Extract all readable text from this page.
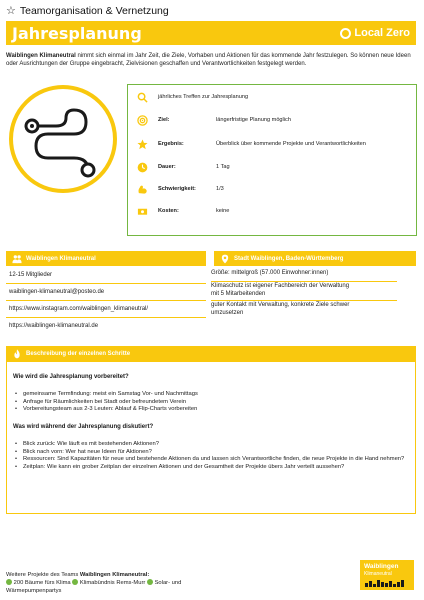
☆ Teamorganisation & Vernetzung
Jahresplanung	Local Zero

Waiblingen Klimaneutral nimmt sich einmal im Jahr Zeit, die Ziele, Vorhaben und Aktionen für das kommende Jahr festzulegen. So können neue Ideen oder Ausrichtungen der Gruppe eingebracht, Zielvisionen geschaffen und Verantwortlichkeiten festgelegt werden.

jährliches Treffen zur Jahresplanung
Ziel:	längerfristige Planung möglich
Ergebnis:	Überblick über kommende Projekte und Verantwortlichkeiten
Dauer:	1 Tag
Schwierigkeit:	1/3
Kosten:	keine
Waiblingen Klimaneutral	Stadt Waiblingen, Baden-Württemberg
12-15 Mitglieder
waiblingen-klimaneutral@posteo.de
https://www.instagram.com/waiblingen_klimaneutral/
https://waiblingen-klimaneutral.de
Größe: mittelgroß (57.000 Einwohner:innen)
Klimaschutz ist eigener Fachbereich der Verwaltung mit 5 Mitarbeitenden
guter Kontakt mit Verwaltung, konkrete Ziele schwer umzusetzen
Beschreibung der einzelnen Schritte
Wie wird die Jahresplanung vorbereitet?
• gemeinsame Termfindung: meist ein Samstag Vor- und Nachmittags
• Anfrage für Räumlichkeiten bei Stadt oder befreundetem Verein
• Vorbereitungsteam aus 2-3 Leuten: Ablauf & Flip-Charts vorbereiten
Was wird während der Jahresplanung diskutiert?
• Blick zurück: Wie läuft es mit bestehenden Aktionen?
• Blick nach vorn: Wer hat neue Ideen für Aktionen?
• Ressourcen: Sind Kapazitäten für neue und bestehende Aktionen da und lassen sich Verantwortliche finden, die neue Projekte in die Hand nehmen?
• Zeitplan: Wie kann ein grober Zeitplan der einzelnen Aktionen und der Gesamtheit der Projekte übers Jahr verteilt aussehen?
Weitere Projekte des Teams Waiblingen Klimaneutral:
200 Bäume fürs Klima Klimabündnis Rems-Murr Solar- und Wärmepumpenpartys
Waiblingen
Klimaneutral
